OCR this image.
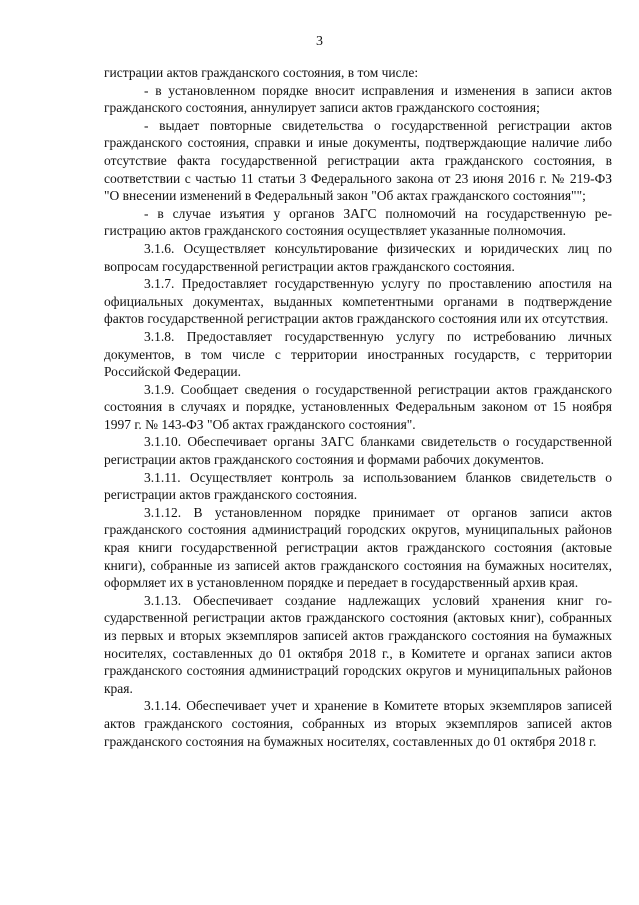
3

гистрации актов гражданского состояния, в том числе:

- в установленном порядке вносит исправления и изменения в записи актов гражданского состояния, аннулирует записи актов гражданского состояния;

- выдает повторные свидетельства о государственной регистрации актов гражданского состояния, справки и иные документы, подтверждающие наличие либо отсутствие факта государственной регистрации акта гражданского состояния, в соответствии с частью 11 статьи 3 Федерального закона от 23 июня 2016 г. № 219-ФЗ "О внесении изменений в Федеральный закон "Об актах гражданского состояния"";

- в случае изъятия у органов ЗАГС полномочий на государственную регистрацию актов гражданского состояния осуществляет указанные полномочия.

3.1.6. Осуществляет консультирование физических и юридических лиц по вопросам государственной регистрации актов гражданского состояния.

3.1.7. Предоставляет государственную услугу по проставлению апостиля на официальных документах, выданных компетентными органами в подтверждение фактов государственной регистрации актов гражданского состояния или их отсутствия.

3.1.8. Предоставляет государственную услугу по истребованию личных документов, в том числе с территории иностранных государств, с территории Российской Федерации.

3.1.9. Сообщает сведения о государственной регистрации актов гражданского состояния в случаях и порядке, установленных Федеральным законом от 15 ноября 1997 г. № 143-ФЗ "Об актах гражданского состояния".

3.1.10. Обеспечивает органы ЗАГС бланками свидетельств о государственной регистрации актов гражданского состояния и формами рабочих документов.

3.1.11. Осуществляет контроль за использованием бланков свидетельств о регистрации актов гражданского состояния.

3.1.12. В установленном порядке принимает от органов записи актов гражданского состояния администраций городских округов, муниципальных районов края книги государственной регистрации актов гражданского состояния (актовые книги), собранные из записей актов гражданского состояния на бумажных носителях, оформляет их в установленном порядке и передает в государственный архив края.

3.1.13. Обеспечивает создание надлежащих условий хранения книг государственной регистрации актов гражданского состояния (актовых книг), собранных из первых и вторых экземпляров записей актов гражданского состояния на бумажных носителях, составленных до 01 октября 2018 г., в Комитете и органах записи актов гражданского состояния администраций городских округов и муниципальных районов края.

3.1.14. Обеспечивает учет и хранение в Комитете вторых экземпляров записей актов гражданского состояния, собранных из вторых экземпляров записей актов гражданского состояния на бумажных носителях, составленных до 01 октября 2018 г.
